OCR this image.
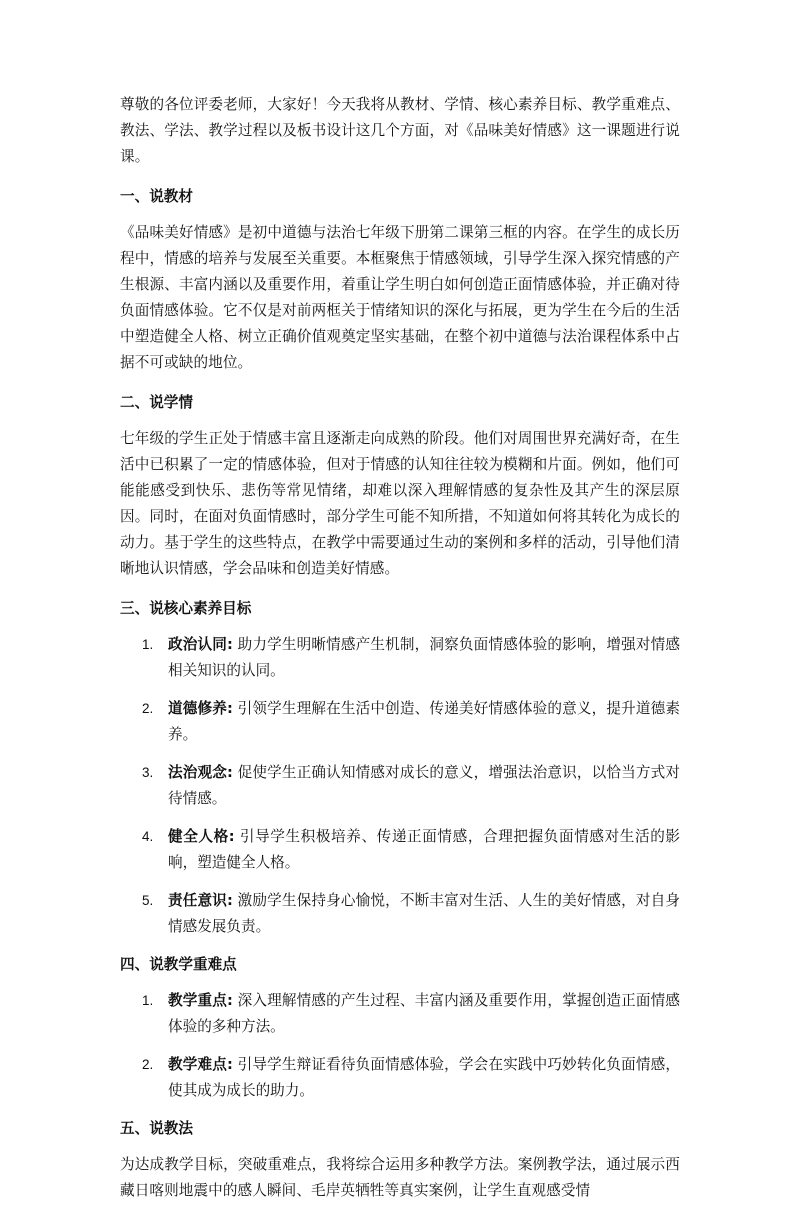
尊敬的各位评委老师，大家好！今天我将从教材、学情、核心素养目标、教学重难点、教法、学法、教学过程以及板书设计这几个方面，对《品味美好情感》这一课题进行说课。

一、说教材

《品味美好情感》是初中道德与法治七年级下册第二课第三框的内容。在学生的成长历程中，情感的培养与发展至关重要。本框聚焦于情感领域，引导学生深入探究情感的产生根源、丰富内涵以及重要作用，着重让学生明白如何创造正面情感体验，并正确对待负面情感体验。它不仅是对前两框关于情绪知识的深化与拓展，更为学生在今后的生活中塑造健全人格、树立正确价值观奠定坚实基础，在整个初中道德与法治课程体系中占据不可或缺的地位。

二、说学情

七年级的学生正处于情感丰富且逐渐走向成熟的阶段。他们对周围世界充满好奇，在生活中已积累了一定的情感体验，但对于情感的认知往往较为模糊和片面。例如，他们可能能感受到快乐、悲伤等常见情绪，却难以深入理解情感的复杂性及其产生的深层原因。同时，在面对负面情感时，部分学生可能不知所措，不知道如何将其转化为成长的动力。基于学生的这些特点，在教学中需要通过生动的案例和多样的活动，引导他们清晰地认识情感，学会品味和创造美好情感。

三、说核心素养目标
1. 政治认同: 助力学生明晰情感产生机制，洞察负面情感体验的影响，增强对情感相关知识的认同。
2. 道德修养: 引领学生理解在生活中创造、传递美好情感体验的意义，提升道德素养。
3. 法治观念: 促使学生正确认知情感对成长的意义，增强法治意识，以恰当方式对待情感。
4. 健全人格: 引导学生积极培养、传递正面情感，合理把握负面情感对生活的影响，塑造健全人格。
5. 责任意识: 激励学生保持身心愉悦，不断丰富对生活、人生的美好情感，对自身情感发展负责。
四、说教学重难点
1. 教学重点: 深入理解情感的产生过程、丰富内涵及重要作用，掌握创造正面情感体验的多种方法。
2. 教学难点: 引导学生辩证看待负面情感体验，学会在实践中巧妙转化负面情感，使其成为成长的助力。
五、说教法

为达成教学目标，突破重难点，我将综合运用多种教学方法。案例教学法，通过展示西藏日喀则地震中的感人瞬间、毛岸英牺牲等真实案例，让学生直观感受情
